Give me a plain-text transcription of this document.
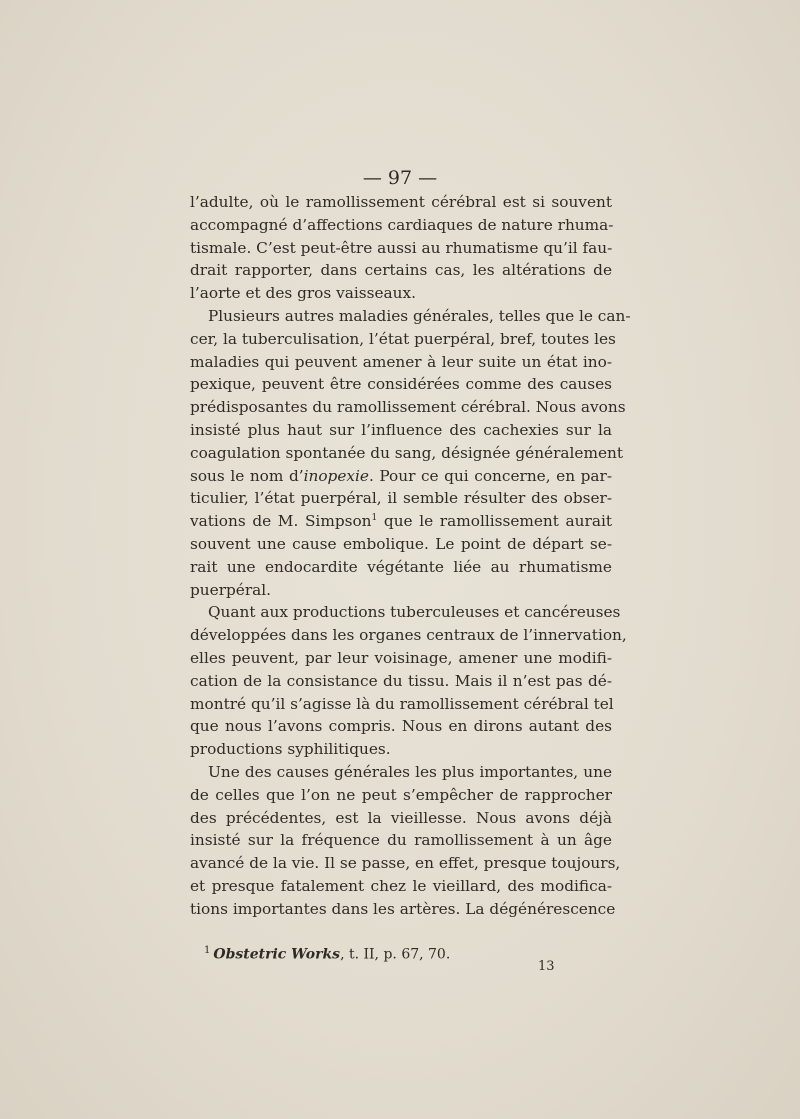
— 97 —
l’adulte, où le ramollissement cérébral est si souvent
accompagné d’affections cardiaques de nature rhuma-
tismale. C’est peut-être aussi au rhumatisme qu’il fau-
drait rapporter, dans certains cas, les altérations de
l’aorte et des gros vaisseaux.
Plusieurs autres maladies générales, telles que le can-
cer, la tuberculisation, l’état puerpéral, bref, toutes les
maladies qui peuvent amener à leur suite un état ino-
pexique, peuvent être considérées comme des causes
prédisposantes du ramollissement cérébral. Nous avons
insisté plus haut sur l’influence des cachexies sur la
coagulation spontanée du sang, désignée généralement
sous le nom d’inopexie. Pour ce qui concerne, en par-
ticulier, l’état puerpéral, il semble résulter des obser-
vations de M. Simpson$^1$ que le ramollissement aurait
souvent une cause embolique. Le point de départ se-
rait une endocardite végétante liée au rhumatisme
puerpéral.
Quant aux productions tuberculeuses et cancéreuses
développées dans les organes centraux de l’innervation,
elles peuvent, par leur voisinage, amener une modifi-
cation de la consistance du tissu. Mais il n’est pas dé-
montré qu’il s’agisse là du ramollissement cérébral tel
que nous l’avons compris. Nous en dirons autant des
productions syphilitiques.
Une des causes générales les plus importantes, une
de celles que l’on ne peut s’empêcher de rapprocher
des précédentes, est la vieillesse. Nous avons déjà
insisté sur la fréquence du ramollissement à un âge
avancé de la vie. Il se passe, en effet, presque toujours,
et presque fatalement chez le vieillard, des modifica-
tions importantes dans les artères. La dégénérescence
$^1$ Obstetric Works, t. II, p. 67, 70.
13
